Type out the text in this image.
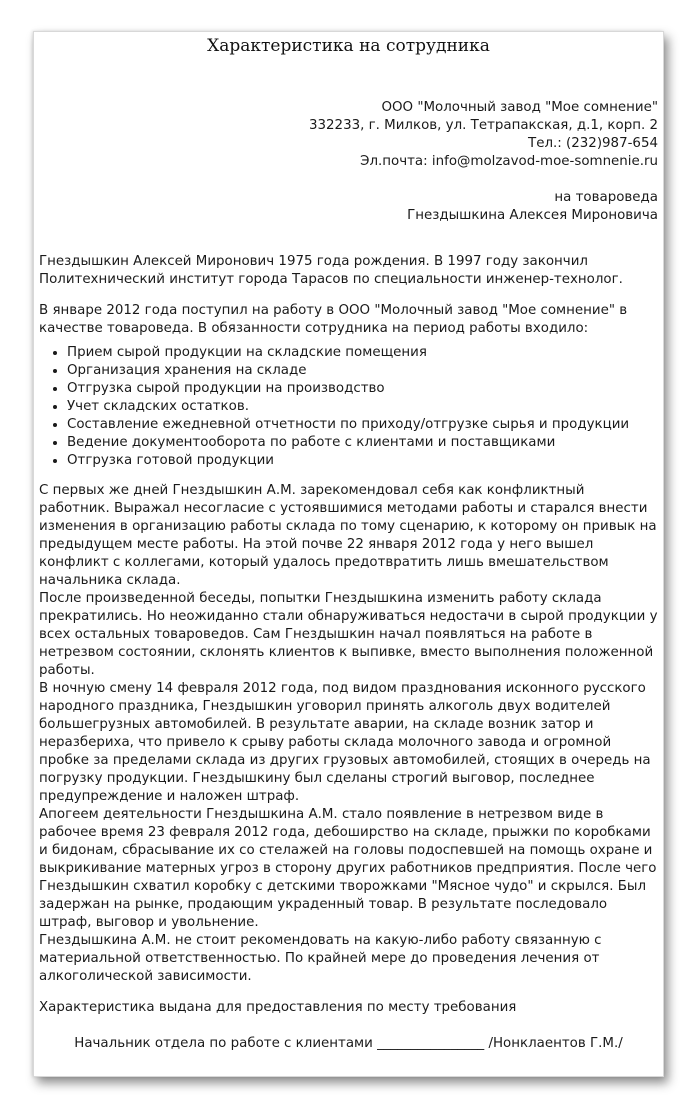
Характеристика на сотрудника

ООО "Молочный завод "Мое сомнение"

332233, г. Милков, ул. Тетрапакская, д.1, корп. 2

Тел.: (232)987-654

Эл.почта: info@molzavod-moe-somnenie.ru

на товароведа

Гнездышкина Алексея Мироновича

Гнездышкин Алексей Миронович 1975 года рождения. В 1997 году закончил Политехнический институт города Тарасов по специальности инженер-технолог.

В январе 2012 года поступил на работу в ООО "Молочный завод "Мое сомнение" в качестве товароведа. В обязанности сотрудника на период работы входило:

• Прием сырой продукции на складские помещения
• Организация хранения на складе
• Отгрузка сырой продукции на производство
• Учет складских остатков.
• Составление ежедневной отчетности по приходу/отгрузке сырья и продукции
• Ведение документооборота по работе с клиентами и поставщиками
• Отгрузка готовой продукции

С первых же дней Гнездышкин А.М. зарекомендовал себя как конфликтный работник. Выражал несогласие с устоявшимися методами работы и старался внести изменения в организацию работы склада по тому сценарию, к которому он привык на предыдущем месте работы. На этой почве 22 января 2012 года у него вышел конфликт с коллегами, который удалось предотвратить лишь вмешательством начальника склада.

После произведенной беседы, попытки Гнездышкина изменить работу склада прекратились. Но неожиданно стали обнаруживаться недостачи в сырой продукции у всех остальных товароведов. Сам Гнездышкин начал появляться на работе в нетрезвом состоянии, склонять клиентов к выпивке, вместо выполнения положенной работы.

В ночную смену 14 февраля 2012 года, под видом празднования исконного русского народного праздника, Гнездышкин уговорил принять алкоголь двух водителей большегрузных автомобилей. В результате аварии, на складе возник затор и неразбериха, что привело к срыву работы склада молочного завода и огромной пробке за пределами склада из других грузовых автомобилей, стоящих в очередь на погрузку продукции. Гнездышкину был сделаны строгий выговор, последнее предупреждение и наложен штраф.

Апогеем деятельности Гнездышкина А.М. стало появление в нетрезвом виде в рабочее время 23 февраля 2012 года, дебоширство на складе, прыжки по коробками и бидонам, сбрасывание их со стелажей на головы подоспевшей на помощь охране и выкрикивание матерных угроз в сторону других работников предприятия. После чего Гнездышкин схватил коробку с детскими творожками "Мясное чудо" и скрылся. Был задержан на рынке, продающим украденный товар. В результате последовало штраф, выговор и увольнение.

Гнездышкина А.М. не стоит рекомендовать на какую-либо работу связанную с материальной ответственностью. По крайней мере до проведения лечения от алкоголической зависимости.

Характеристика выдана для предоставления по месту требования

Начальник отдела по работе с клиентами ________________ /Нонклаентов Г.М./
